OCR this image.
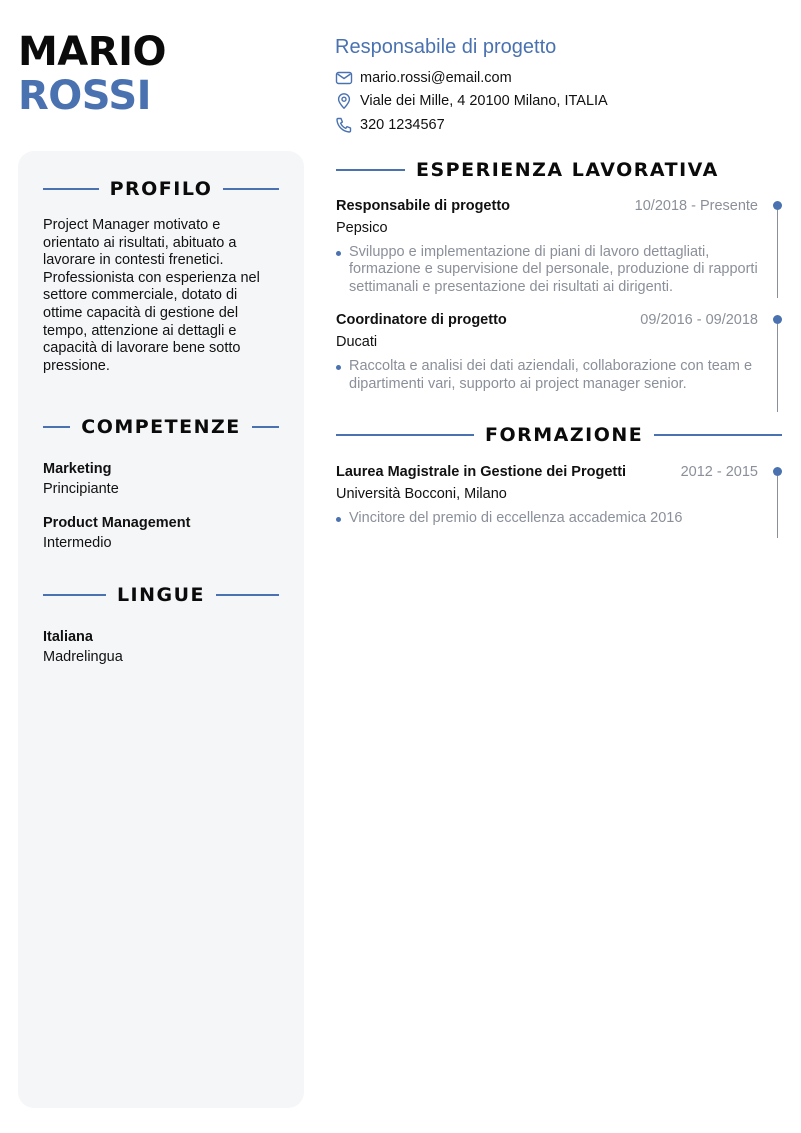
MARIO
ROSSI
Responsabile di progetto
mario.rossi@email.com
Viale dei Mille, 4 20100 Milano, ITALIA
320 1234567
PROFILO

Project Manager motivato e orientato ai risultati, abituato a lavorare in contesti frenetici. Professionista con esperienza nel settore commerciale, dotato di ottime capacità di gestione del tempo, attenzione ai dettagli e capacità di lavorare bene sotto pressione.

COMPETENZE
Marketing
Principiante
Product Management
Intermedio
LINGUE
Italiana
Madrelingua
ESPERIENZA LAVORATIVA
Responsabile di progetto	10/2018 - Presente
Pepsico
Sviluppo e implementazione di piani di lavoro dettagliati, formazione e supervisione del personale, produzione di rapporti settimanali e presentazione dei risultati ai dirigenti.
Coordinatore di progetto	09/2016 - 09/2018
Ducati
Raccolta e analisi dei dati aziendali, collaborazione con team e dipartimenti vari, supporto ai project manager senior.
FORMAZIONE
Laurea Magistrale in Gestione dei Progetti	2012 - 2015
Università Bocconi, Milano
Vincitore del premio di eccellenza accademica 2016
